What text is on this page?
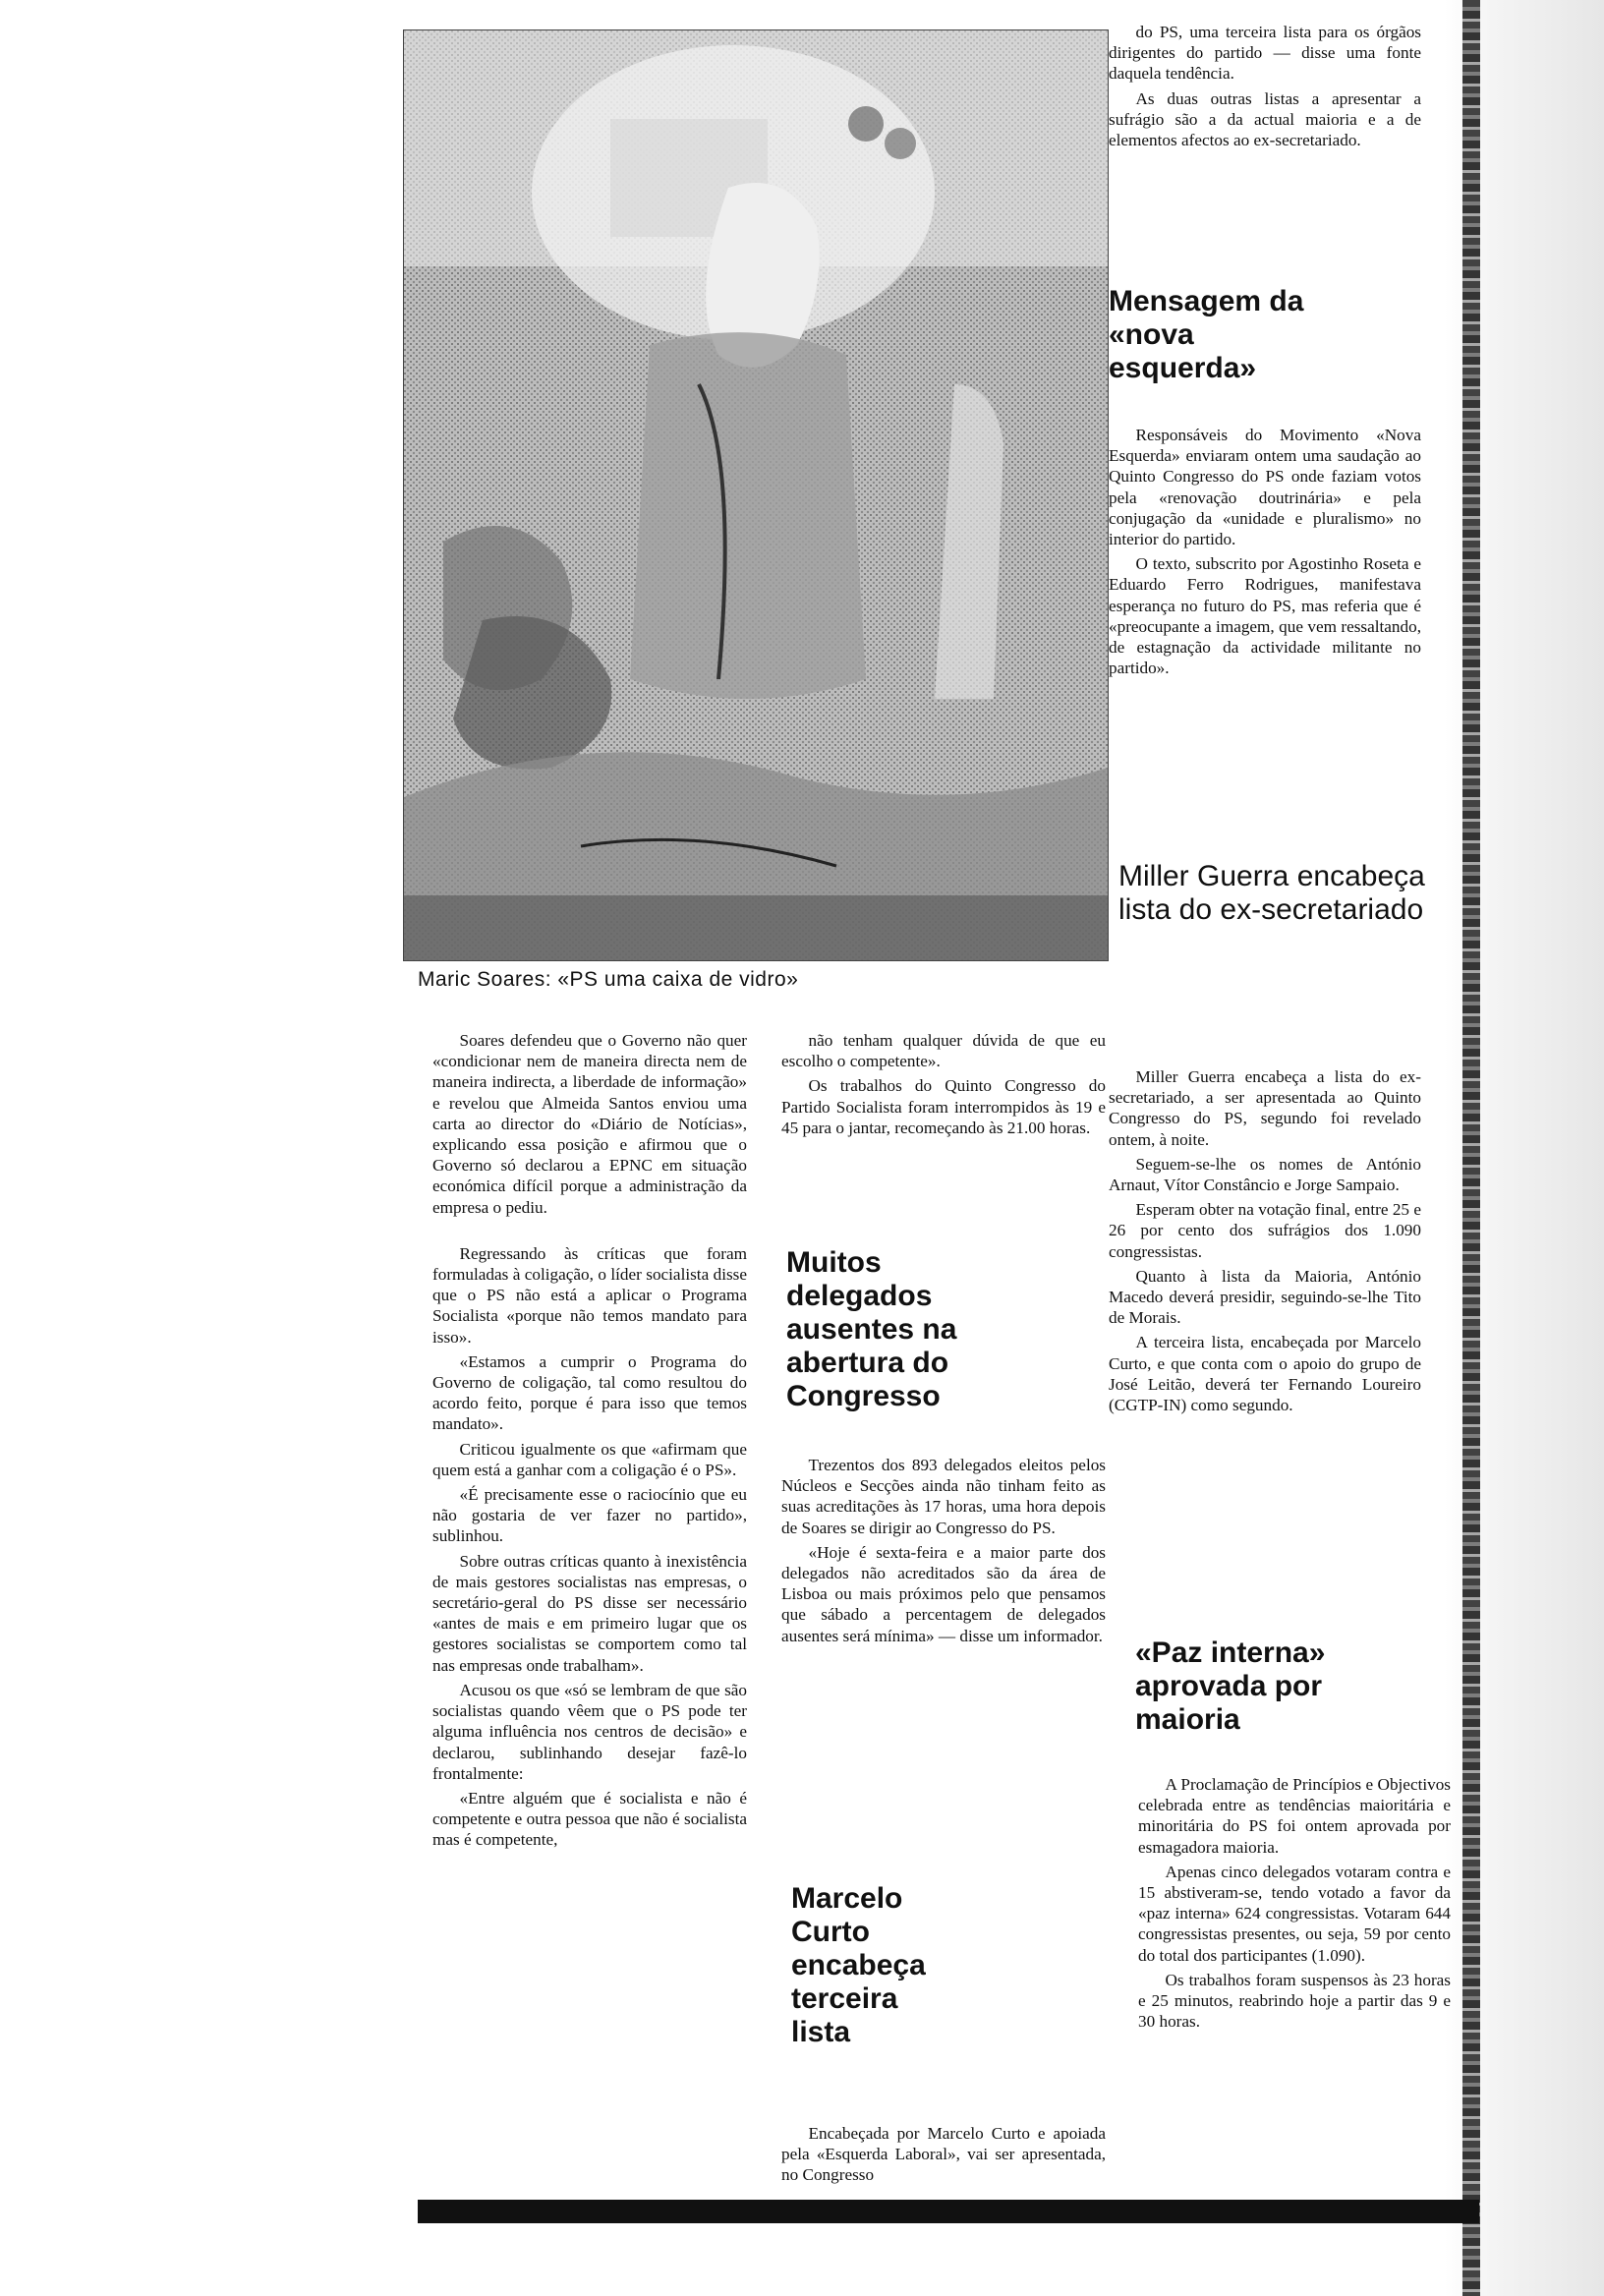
Maric Soares: «PS uma caixa de vidro»

Soares defendeu que o Governo não quer «condicionar nem de maneira directa nem de maneira indirecta, a liberdade de informação» e revelou que Almeida Santos enviou uma carta ao director do «Diário de Notícias», explicando essa posição e afirmou que o Governo só declarou a EPNC em situação económica difícil porque a administração da empresa o pediu.

Regressando às críticas que foram formuladas à coligação, o líder socialista disse que o PS não está a aplicar o Programa Socialista «porque não temos mandato para isso».

«Estamos a cumprir o Programa do Governo de coligação, tal como resultou do acordo feito, porque é para isso que temos mandato».

Criticou igualmente os que «afirmam que quem está a ganhar com a coligação é o PS».

«É precisamente esse o raciocínio que eu não gostaria de ver fazer no partido», sublinhou.

Sobre outras críticas quanto à inexistência de mais gestores socialistas nas empresas, o secretário-geral do PS disse ser necessário «antes de mais e em primeiro lugar que os gestores socialistas se comportem como tal nas empresas onde trabalham».

Acusou os que «só se lembram de que são socialistas quando vêem que o PS pode ter alguma influência nos centros de decisão» e declarou, sublinhando desejar fazê-lo frontalmente:

«Entre alguém que é socialista e não é competente e outra pessoa que não é socialista mas é competente,

não tenham qualquer dúvida de que eu escolho o competente».

Os trabalhos do Quinto Congresso do Partido Socialista foram interrompidos às 19 e 45 para o jantar, recomeçando às 21.00 horas.

Muitos delegados ausentes na abertura do Congresso

Trezentos dos 893 delegados eleitos pelos Núcleos e Secções ainda não tinham feito as suas acreditações às 17 horas, uma hora depois de Soares se dirigir ao Congresso do PS.

«Hoje é sexta-feira e a maior parte dos delegados não acreditados são da área de Lisboa ou mais próximos pelo que pensamos que sábado a percentagem de delegados ausentes será mínima» — disse um informador.

Marcelo Curto encabeça terceira lista

Encabeçada por Marcelo Curto e apoiada pela «Esquerda Laboral», vai ser apresentada, no Congresso

do PS, uma terceira lista para os órgãos dirigentes do partido — disse uma fonte daquela tendência.

As duas outras listas a apresentar a sufrágio são a da actual maioria e a de elementos afectos ao ex-secretariado.

Mensagem da «nova esquerda»

Responsáveis do Movimento «Nova Esquerda» enviaram ontem uma saudação ao Quinto Congresso do PS onde faziam votos pela «renovação doutrinária» e pela conjugação da «unidade e pluralismo» no interior do partido.

O texto, subscrito por Agostinho Roseta e Eduardo Ferro Rodrigues, manifestava esperança no futuro do PS, mas referia que é «preocupante a imagem, que vem ressaltando, de estagnação da actividade militante no partido».

Miller Guerra encabeça lista do ex-secretariado

Miller Guerra encabeça a lista do ex-secretariado, a ser apresentada ao Quinto Congresso do PS, segundo foi revelado ontem, à noite.

Seguem-se-lhe os nomes de António Arnaut, Vítor Constâncio e Jorge Sampaio.

Esperam obter na votação final, entre 25 e 26 por cento dos sufrágios dos 1.090 congressistas.

Quanto à lista da Maioria, António Macedo deverá presidir, seguindo-se-lhe Tito de Morais.

A terceira lista, encabeçada por Marcelo Curto, e que conta com o apoio do grupo de José Leitão, deverá ter Fernando Loureiro (CGTP-IN) como segundo.

«Paz interna» aprovada por maioria

A Proclamação de Princípios e Objectivos celebrada entre as tendências maioritária e minoritária do PS foi ontem aprovada por esmagadora maioria.

Apenas cinco delegados votaram contra e 15 abstiveram-se, tendo votado a favor da «paz interna» 624 congressistas. Votaram 644 congressistas presentes, ou seja, 59 por cento do total dos participantes (1.090).

Os trabalhos foram suspensos às 23 horas e 25 minutos, reabrindo hoje a partir das 9 e 30 horas.
